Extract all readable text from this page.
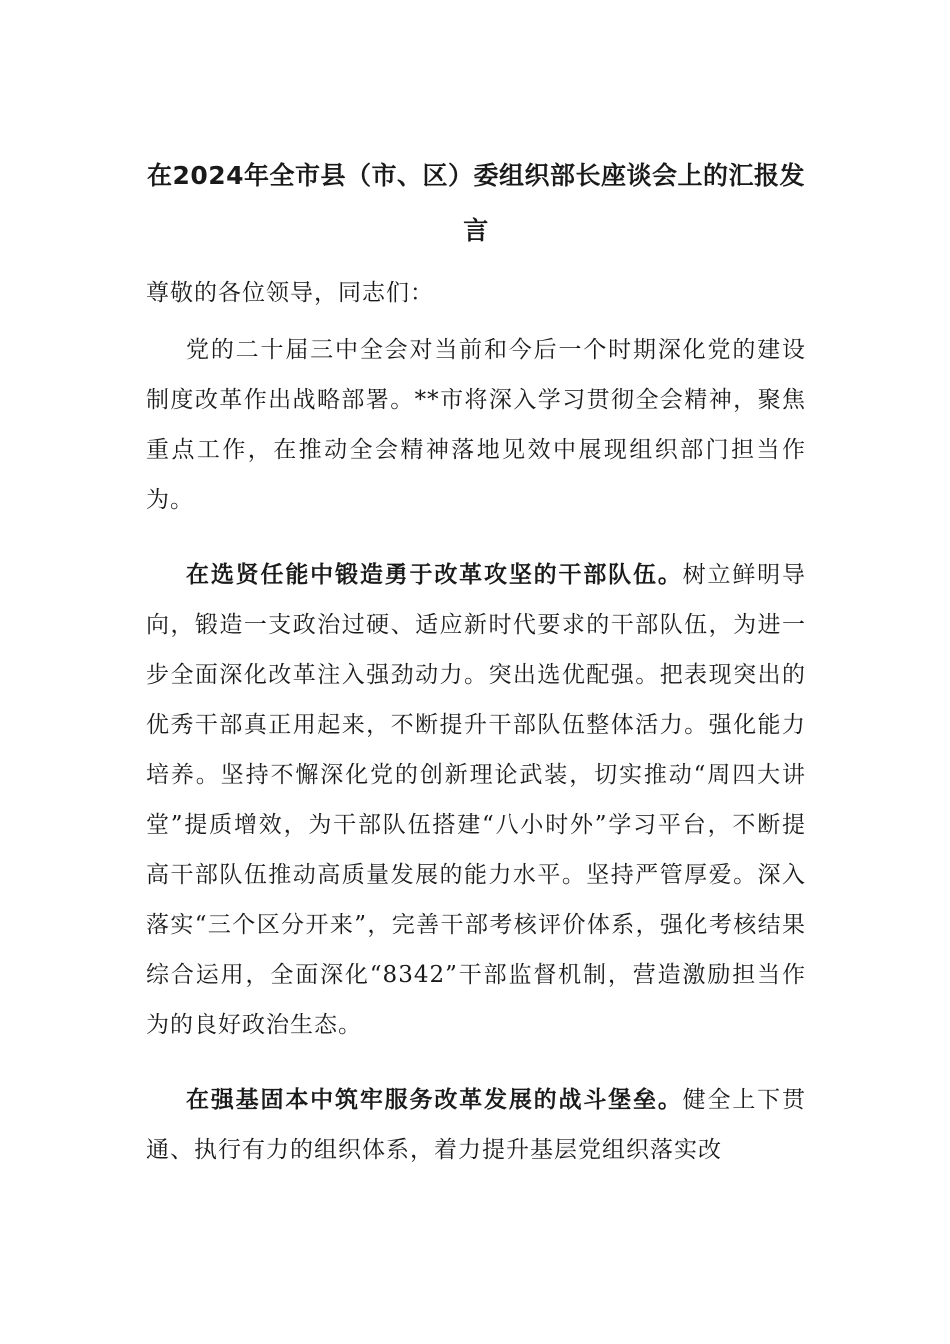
在2024年全市县（市、区）委组织部长座谈会上的汇报发言

尊敬的各位领导，同志们：

党的二十届三中全会对当前和今后一个时期深化党的建设制度改革作出战略部署。**市将深入学习贯彻全会精神，聚焦重点工作，在推动全会精神落地见效中展现组织部门担当作为。

在选贤任能中锻造勇于改革攻坚的干部队伍。树立鲜明导向，锻造一支政治过硬、适应新时代要求的干部队伍，为进一步全面深化改革注入强劲动力。突出选优配强。把表现突出的优秀干部真正用起来，不断提升干部队伍整体活力。强化能力培养。坚持不懈深化党的创新理论武装，切实推动“周四大讲堂”提质增效，为干部队伍搭建“八小时外”学习平台，不断提高干部队伍推动高质量发展的能力水平。坚持严管厚爱。深入落实“三个区分开来”，完善干部考核评价体系，强化考核结果综合运用，全面深化“8342”干部监督机制，营造激励担当作为的良好政治生态。

在强基固本中筑牢服务改革发展的战斗堡垒。健全上下贯通、执行有力的组织体系，着力提升基层党组织落实改
